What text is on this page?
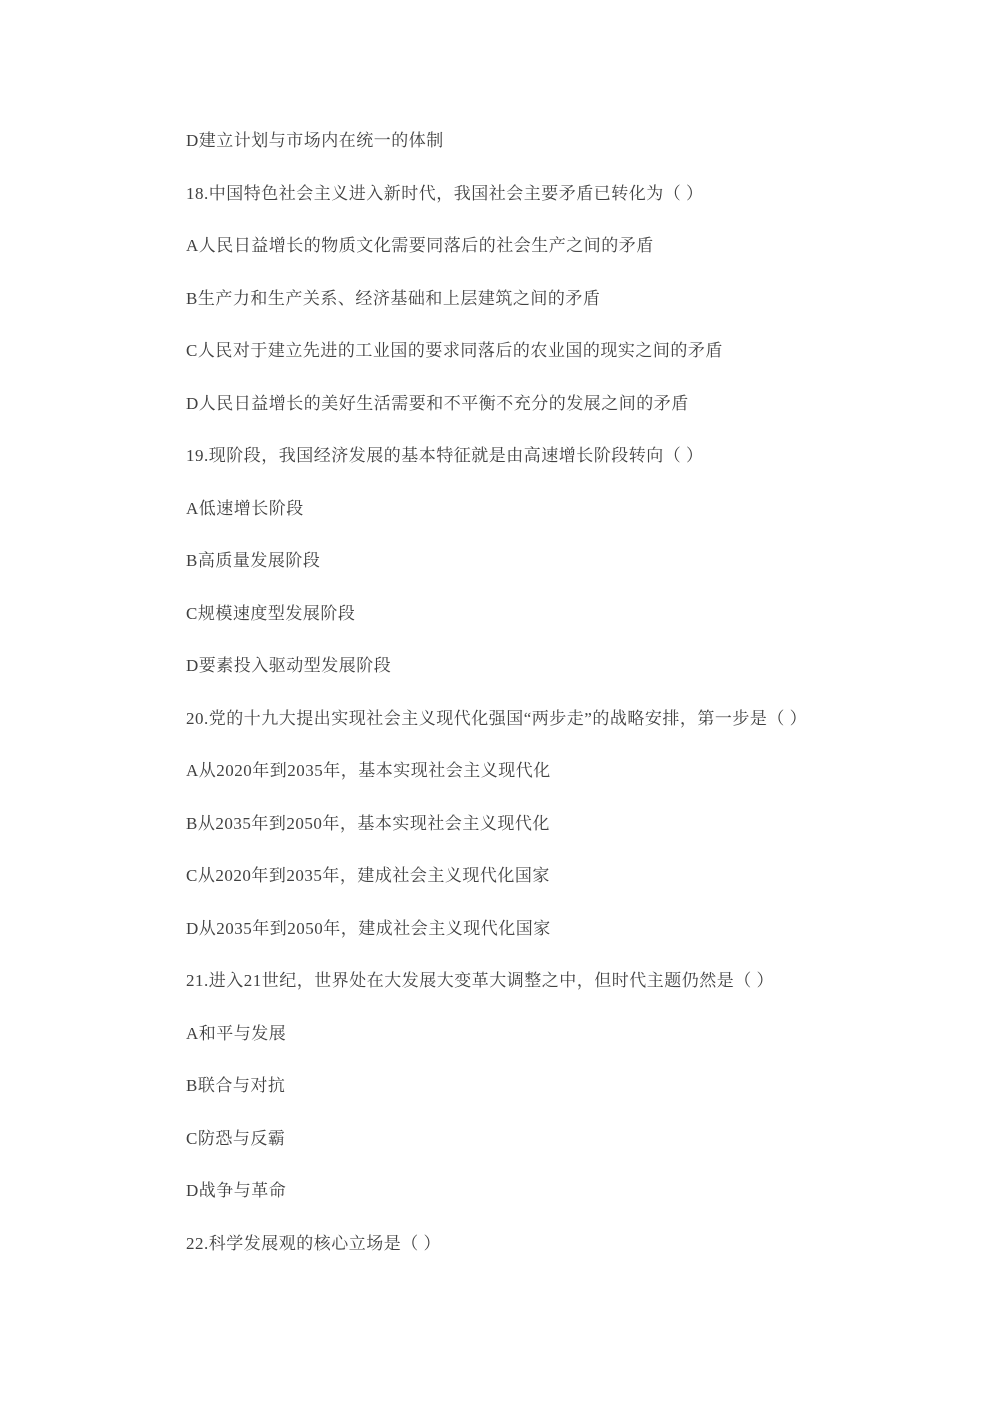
D建立计划与市场内在统一的体制

18.中国特色社会主义进入新时代，我国社会主要矛盾已转化为（ ）

A人民日益增长的物质文化需要同落后的社会生产之间的矛盾

B生产力和生产关系、经济基础和上层建筑之间的矛盾

C人民对于建立先进的工业国的要求同落后的农业国的现实之间的矛盾

D人民日益增长的美好生活需要和不平衡不充分的发展之间的矛盾

19.现阶段，我国经济发展的基本特征就是由高速增长阶段转向（ ）

A低速增长阶段

B高质量发展阶段

C规模速度型发展阶段

D要素投入驱动型发展阶段

20.党的十九大提出实现社会主义现代化强国“两步走”的战略安排，第一步是（ ）

A从2020年到2035年，基本实现社会主义现代化

B从2035年到2050年，基本实现社会主义现代化

C从2020年到2035年，建成社会主义现代化国家

D从2035年到2050年，建成社会主义现代化国家

21.进入21世纪，世界处在大发展大变革大调整之中，但时代主题仍然是（ ）

A和平与发展

B联合与对抗

C防恐与反霸

D战争与革命

22.科学发展观的核心立场是（ ）
